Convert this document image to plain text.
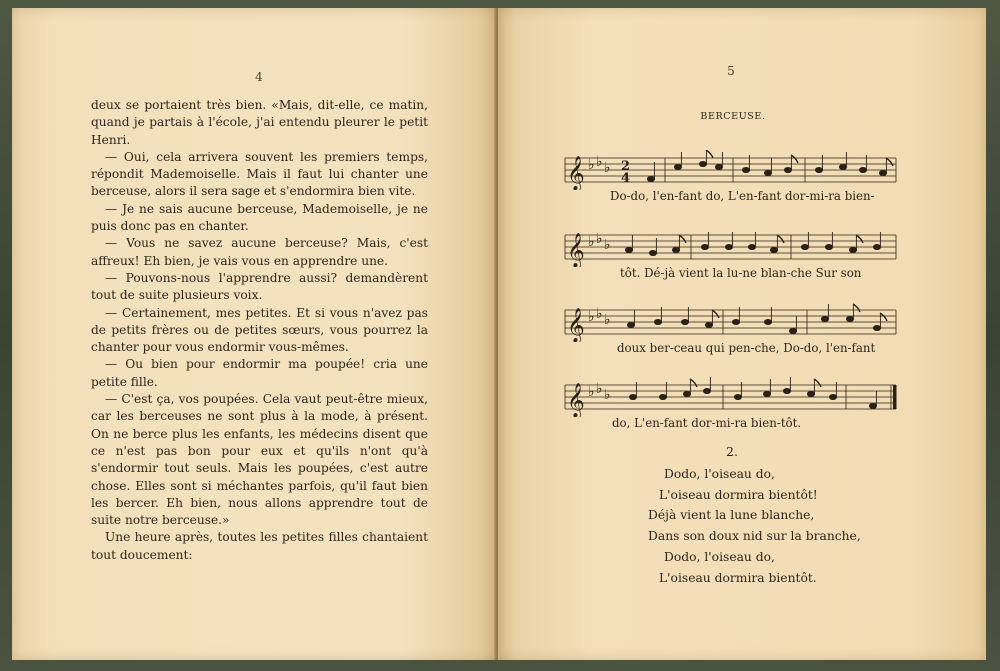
4

deux se portaient très bien. «Mais, dit-elle, ce matin, quand je partais à l'école, j'ai entendu pleurer le petit Henri.

— Oui, cela arrivera souvent les premiers temps, répondit Mademoiselle. Mais il faut lui chanter une berceuse, alors il sera sage et s'endormira bien vite.

— Je ne sais aucune berceuse, Mademoiselle, je ne puis donc pas en chanter.

— Vous ne savez aucune berceuse? Mais, c'est affreux! Eh bien, je vais vous en apprendre une.

— Pouvons-nous l'apprendre aussi? demandèrent tout de suite plusieurs voix.

— Certainement, mes petites. Et si vous n'avez pas de petits frères ou de petites sœurs, vous pourrez la chanter pour vous endormir vous-mêmes.

— Ou bien pour endormir ma poupée! cria une petite fille.

— C'est ça, vos poupées. Cela vaut peut-être mieux, car les berceuses ne sont plus à la mode, à présent. On ne berce plus les enfants, les médecins disent que ce n'est pas bon pour eux et qu'ils n'ont qu'à s'endormir tout seuls. Mais les poupées, c'est autre chose. Elles sont si méchantes parfois, qu'il faut bien les bercer. Eh bien, nous allons apprendre tout de suite notre berceuse.»

Une heure après, toutes les petites filles chantaient tout doucement:

5
BERCEUSE.
𝄞 ♭ ♭ ♭ 2
4
Do-do, l'en-fant do, L'en-fant dor-mi-ra bien-
𝄞 ♭ ♭ ♭
tôt. Dé-jà vient la lu-ne blan-che Sur son
𝄞 ♭ ♭ ♭
doux ber-ceau qui pen-che, Do-do, l'en-fant
𝄞 ♭ ♭ ♭
do, L'en-fant dor-mi-ra bien-tôt.
2.
Dodo, l'oiseau do,
L'oiseau dormira bientôt!
Déjà vient la lune blanche,
Dans son doux nid sur la branche,
Dodo, l'oiseau do,
L'oiseau dormira bientôt.
